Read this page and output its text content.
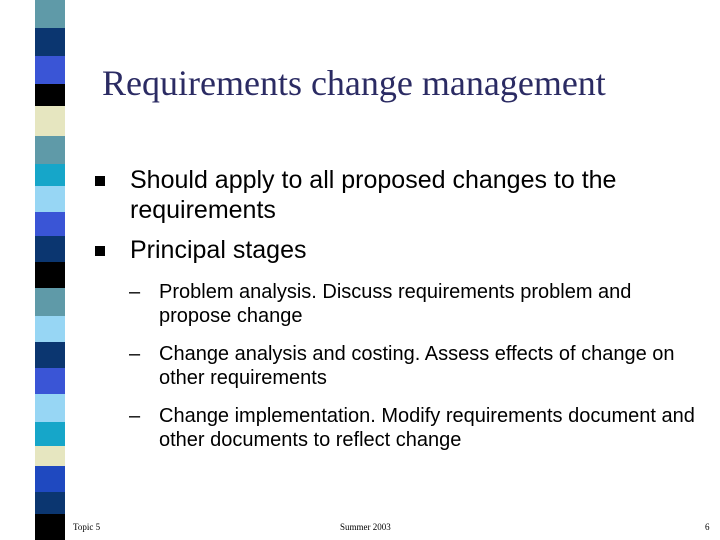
Requirements change management
Should apply to all proposed changes to the requirements
Principal stages
– Problem analysis. Discuss requirements problem and propose change
– Change analysis and costing. Assess effects of change on other requirements
– Change implementation. Modify requirements document and other documents to reflect change
Topic 5	Summer 2003	6
